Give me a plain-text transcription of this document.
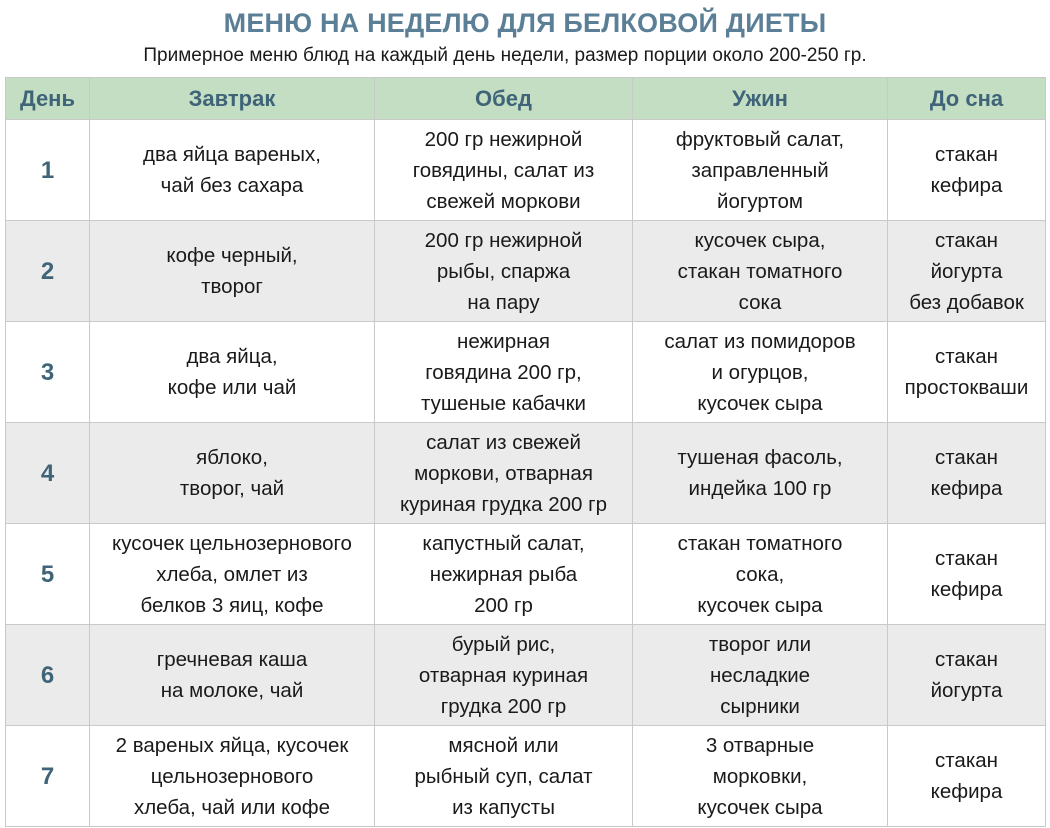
МЕНЮ НА НЕДЕЛЮ ДЛЯ БЕЛКОВОЙ ДИЕТЫ
Примерное меню блюд на каждый день недели, размер порции около 200-250 гр.
День	Завтрак	Обед	Ужин	До сна
1	два яйца вареных,
чай без сахара	200 гр нежирной
говядины, салат из
свежей моркови	фруктовый салат,
заправленный
йогуртом	стакан
кефира

2	кофе черный,
творог	200 гр нежирной
рыбы, спаржа
на пару	кусочек сыра,
стакан томатного
сока	стакан
йогурта
без добавок

3	два яйца,
кофе или чай	нежирная
говядина 200 гр,
тушеные кабачки	салат из помидоров
и огурцов,
кусочек сыра	стакан
простокваши

4	яблоко,
творог, чай	салат из свежей
моркови, отварная
куриная грудка 200 гр	тушеная фасоль,
индейка 100 гр	стакан
кефира

5	кусочек цельнозернового
хлеба, омлет из
белков 3 яиц, кофе	капустный салат,
нежирная рыба
200 гр	стакан томатного
сока,
кусочек сыра	стакан
кефира

6	гречневая каша
на молоке, чай	бурый рис,
отварная куриная
грудка 200 гр	творог или
несладкие
сырники	стакан
йогурта

7	2 вареных яйца, кусочек
цельнозернового
хлеба, чай или кофе	мясной или
рыбный суп, салат
из капусты	3 отварные
морковки,
кусочек сыра	стакан
кефира
